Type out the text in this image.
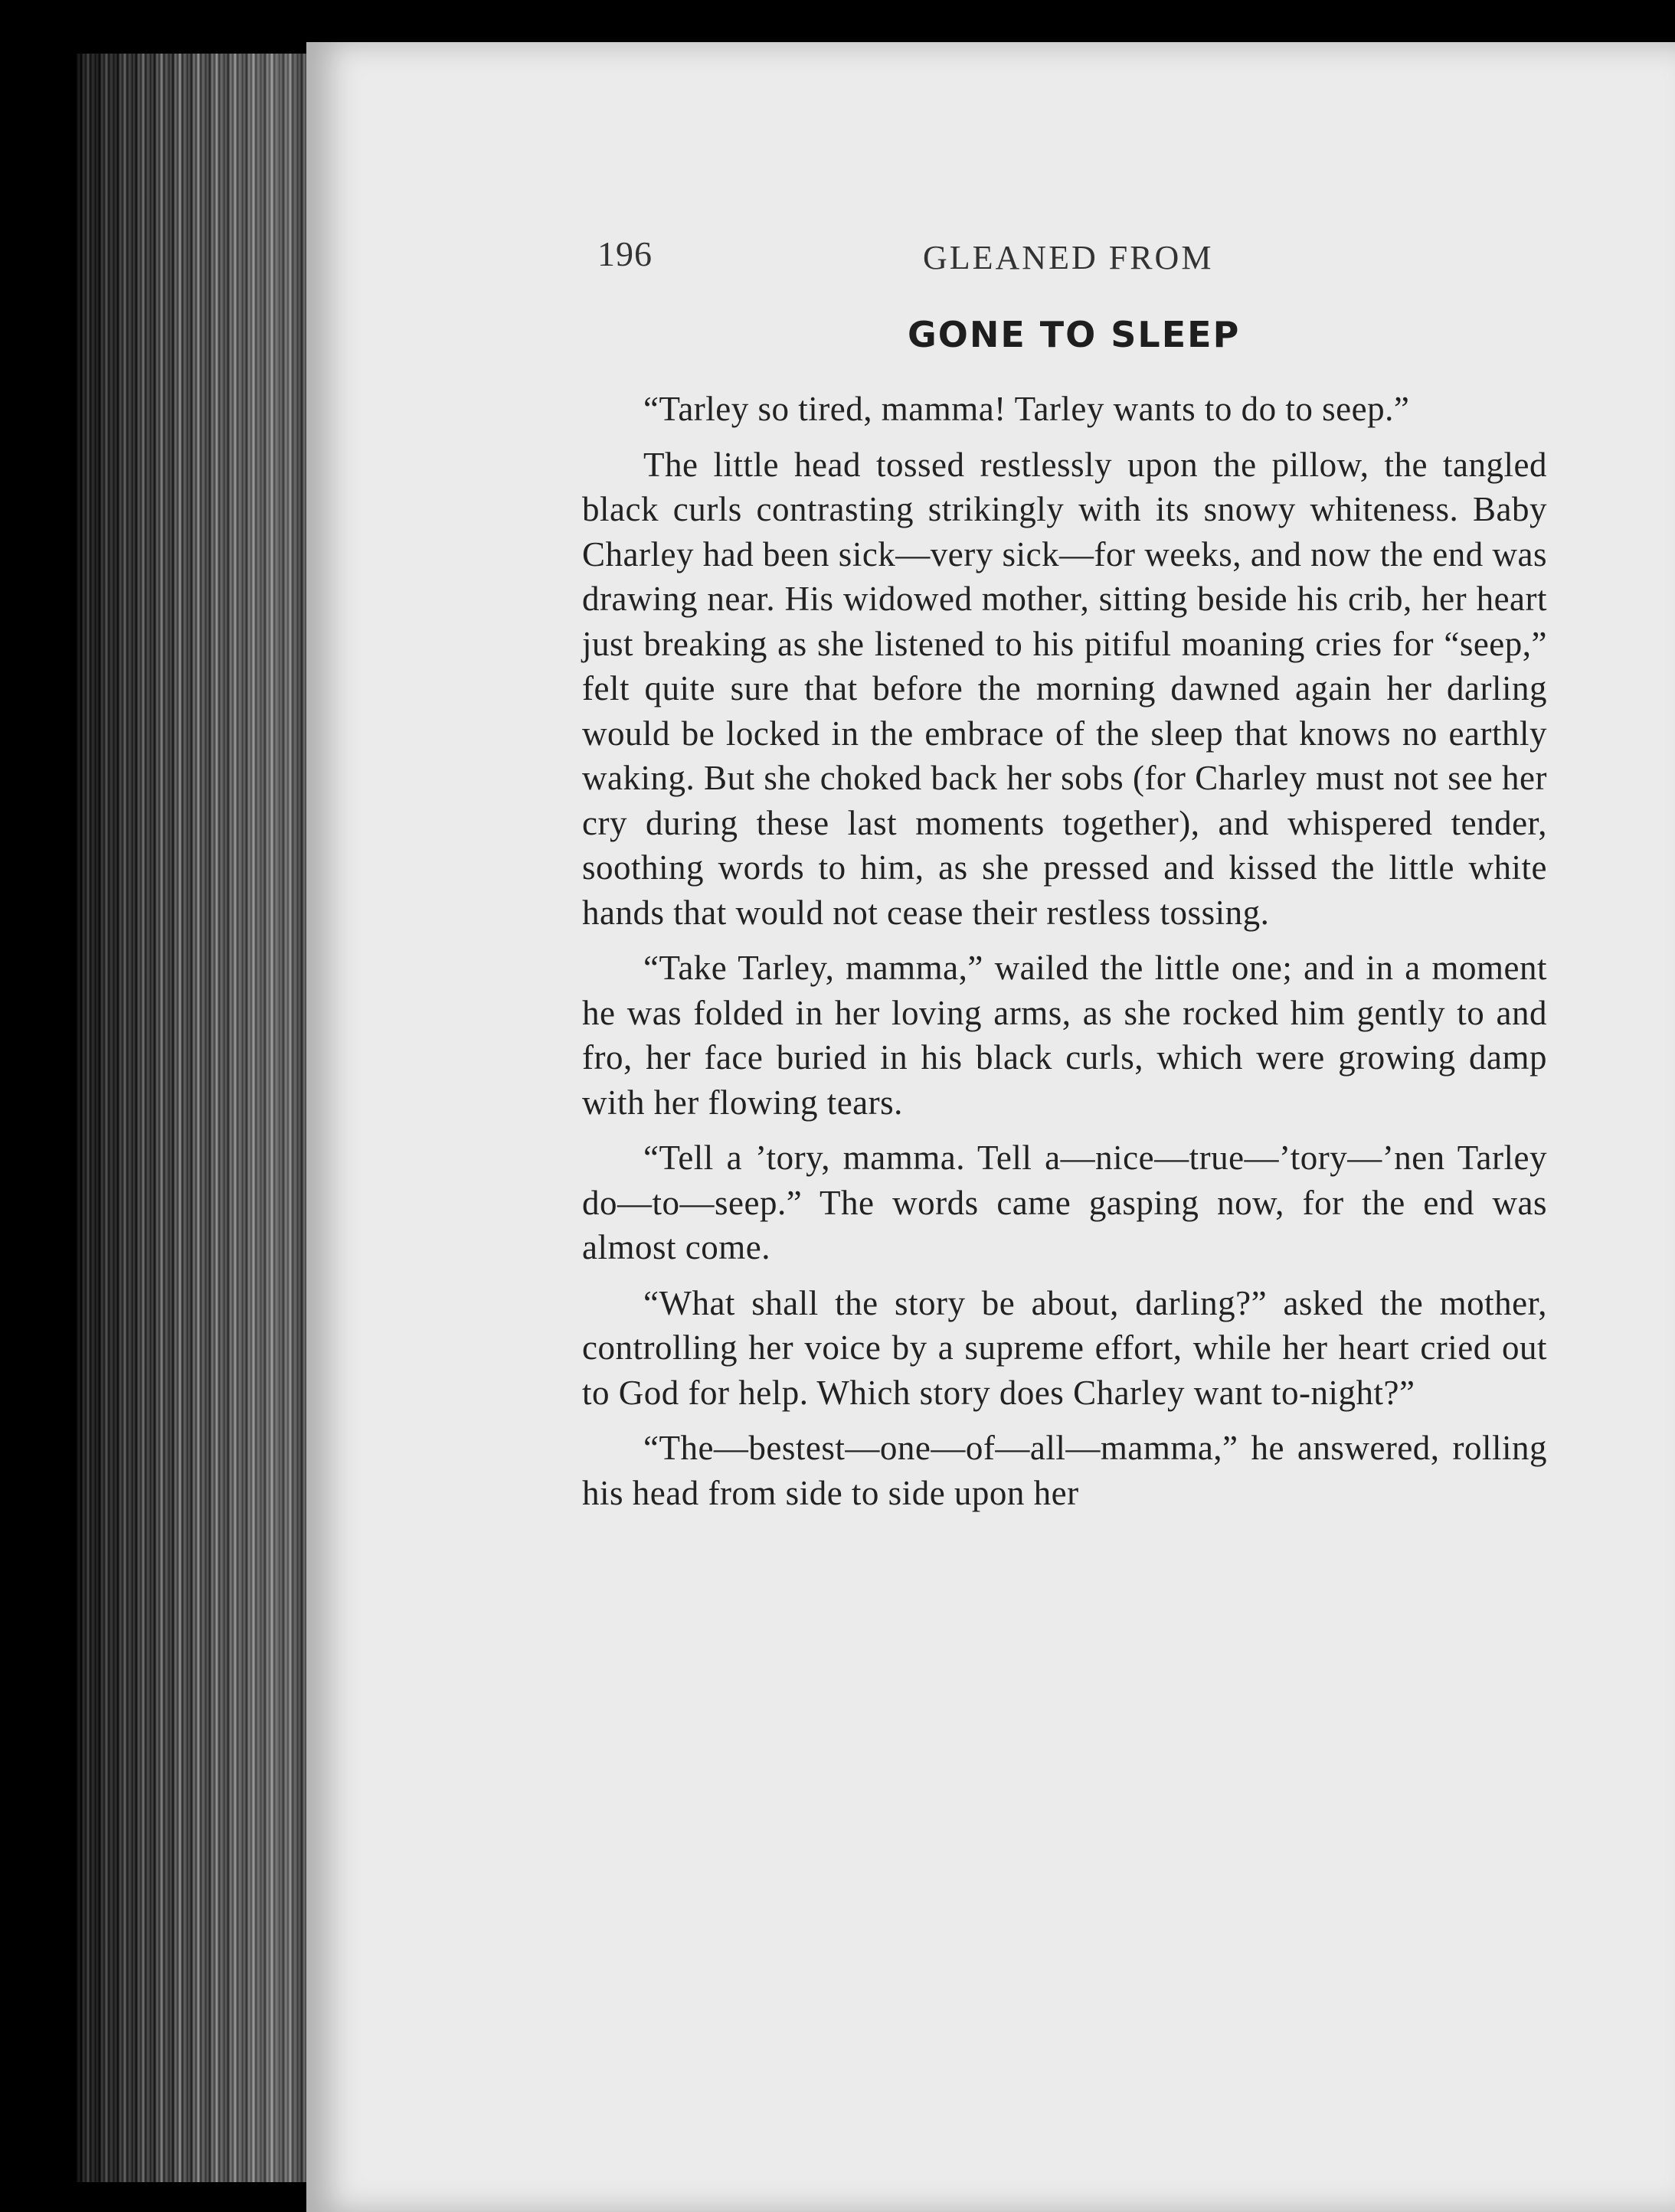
196	GLEANED FROM
GONE TO SLEEP

“Tarley so tired, mamma! Tarley wants to do to seep.”

The little head tossed restlessly upon the pillow, the tangled black curls contrasting strikingly with its snowy whiteness. Baby Charley had been sick—very sick—for weeks, and now the end was drawing near. His widowed mother, sitting beside his crib, her heart just breaking as she listened to his pitiful moaning cries for “seep,” felt quite sure that before the morning dawned again her darling would be locked in the embrace of the sleep that knows no earthly waking. But she choked back her sobs (for Charley must not see her cry during these last moments together), and whispered tender, soothing words to him, as she pressed and kissed the little white hands that would not cease their restless tossing.

“Take Tarley, mamma,” wailed the little one; and in a moment he was folded in her loving arms, as she rocked him gently to and fro, her face buried in his black curls, which were growing damp with her flowing tears.

“Tell a ’tory, mamma. Tell a—nice—true—’tory—’nen Tarley do—to—seep.” The words came gasping now, for the end was almost come.

“What shall the story be about, darling?” asked the mother, controlling her voice by a supreme effort, while her heart cried out to God for help. Which story does Charley want to-night?”

“The—bestest—one—of—all—mamma,” he answered, rolling his head from side to side upon her
